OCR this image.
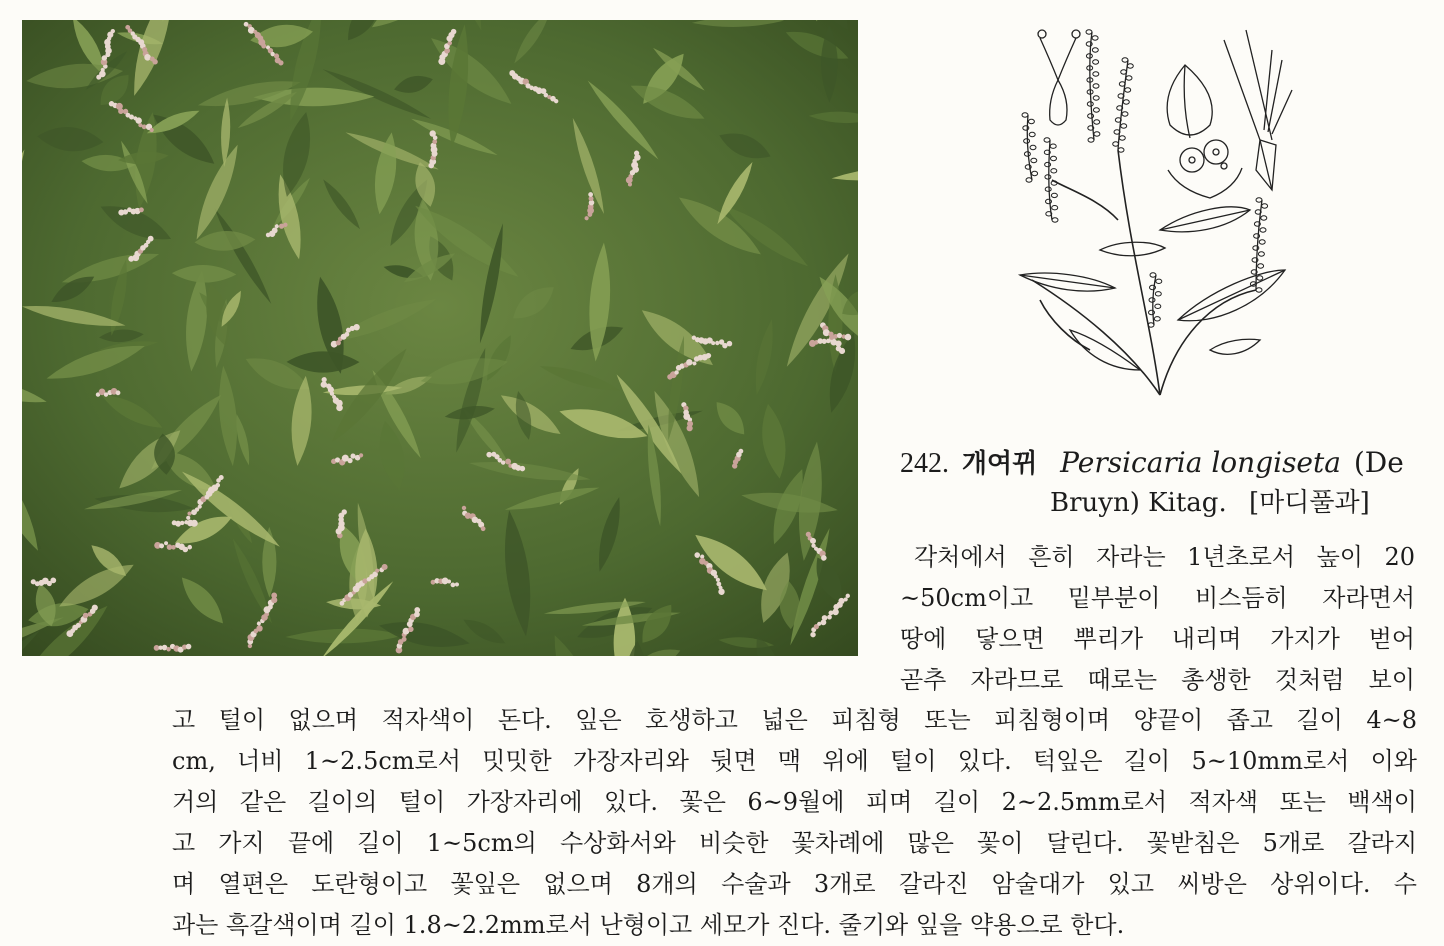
242. 개여뀌 Persicaria longiseta (De
Bruyn) Kitag. [마디풀과]
각처에서 흔히 자라는 1년초로서 높이 20
~50cm이고 밑부분이 비스듬히 자라면서
땅에 닿으면 뿌리가 내리며 가지가 벋어
곧추 자라므로 때로는 총생한 것처럼 보이
고 털이 없으며 적자색이 돈다. 잎은 호생하고 넓은 피침형 또는 피침형이며 양끝이 좁고 길이 4~8
cm, 너비 1~2.5cm로서 밋밋한 가장자리와 뒷면 맥 위에 털이 있다. 턱잎은 길이 5~10mm로서 이와
거의 같은 길이의 털이 가장자리에 있다. 꽃은 6~9월에 피며 길이 2~2.5mm로서 적자색 또는 백색이
고 가지 끝에 길이 1~5cm의 수상화서와 비슷한 꽃차례에 많은 꽃이 달린다. 꽃받침은 5개로 갈라지
며 열편은 도란형이고 꽃잎은 없으며 8개의 수술과 3개로 갈라진 암술대가 있고 씨방은 상위이다. 수
과는 흑갈색이며 길이 1.8~2.2mm로서 난형이고 세모가 진다. 줄기와 잎을 약용으로 한다.
